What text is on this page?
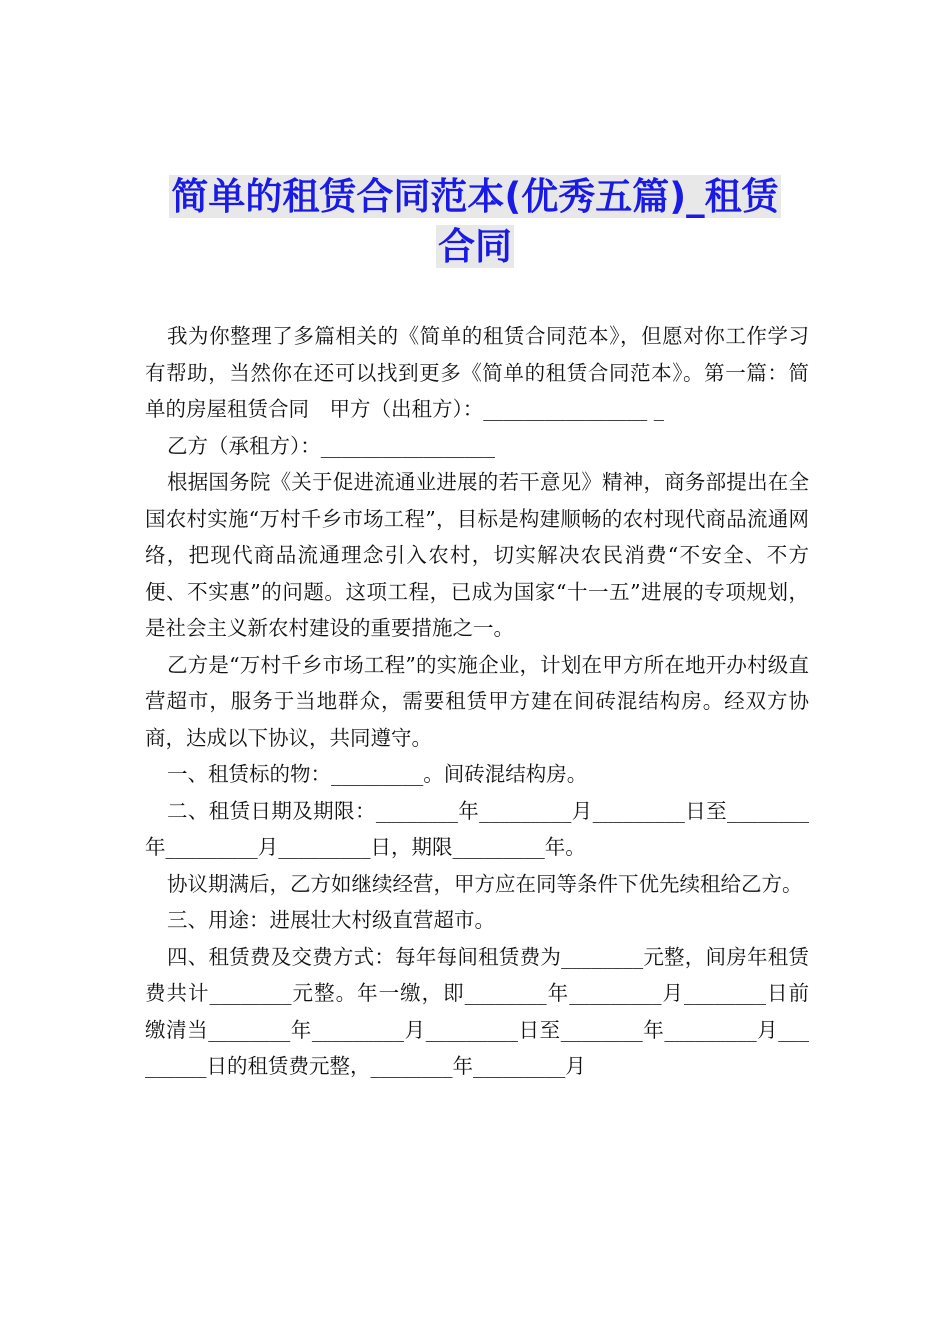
简单的租赁合同范本(优秀五篇)_租赁
合同

我为你整理了多篇相关的《简单的租赁合同范本》，但愿对你工作学习有帮助，当然你在还可以找到更多《简单的租赁合同范本》。第一篇：简单的房屋租赁合同　甲方（出租方）：________________ _

乙方（承租方）：_________________

根据国务院《关于促进流通业进展的若干意见》精神，商务部提出在全国农村实施“万村千乡市场工程”，目标是构建顺畅的农村现代商品流通网络，把现代商品流通理念引入农村，切实解决农民消费“不安全、不方便、不实惠”的问题。这项工程，已成为国家“十一五”进展的专项规划，是社会主义新农村建设的重要措施之一。

乙方是“万村千乡市场工程”的实施企业，计划在甲方所在地开办村级直营超市，服务于当地群众，需要租赁甲方建在间砖混结构房。经双方协商，达成以下协议，共同遵守。

一、租赁标的物：_________。间砖混结构房。

二、租赁日期及期限：________年_________月_________日至________年_________月_________日，期限_________年。

协议期满后，乙方如继续经营，甲方应在同等条件下优先续租给乙方。

三、用途：进展壮大村级直营超市。

四、租赁费及交费方式：每年每间租赁费为________元整，间房年租赁费共计________元整。年一缴，即________年_________月________日前缴清当________年_________月_________日至________年_________月_________日的租赁费元整，________年_________月
